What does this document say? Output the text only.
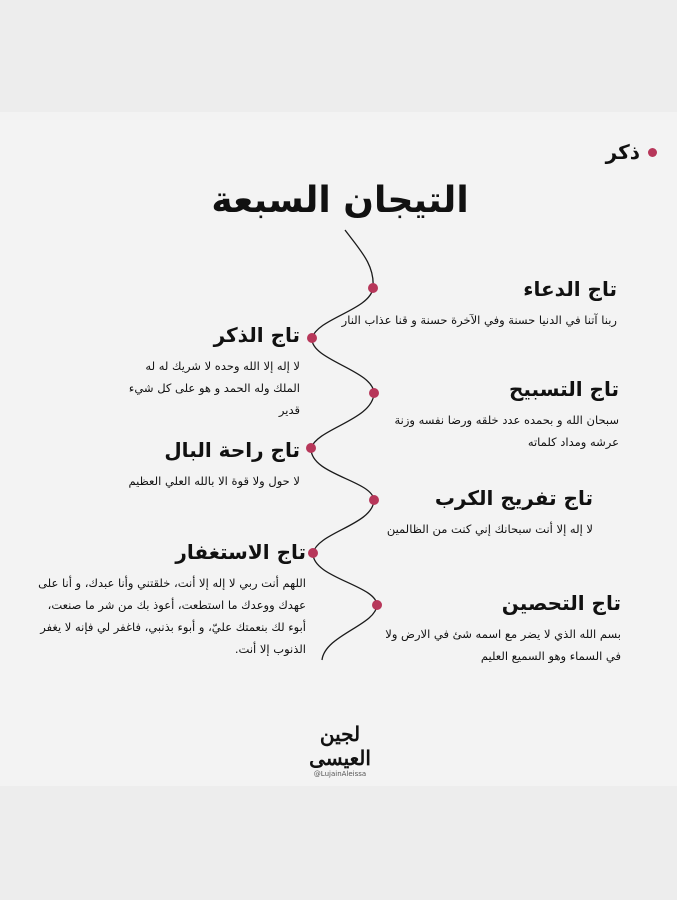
ذكر
التيجان السبعة
تاج الدعاء

ربنا آتنا في الدنيا حسنة وفي الآخرة حسنة و قنا عذاب النار

تاج التسبيح

سبحان الله و بحمده عدد خلقه ورضا نفسه وزنة عرشه ومداد كلماته

تاج تفريج الكرب

لا إله إلا أنت سبحانك إني كنت من الظالمين

تاج التحصين

بسم الله الذي لا يضر مع اسمه شئ في الارض ولا في السماء وهو السميع العليم

تاج الذكر

لا إله إلا الله وحده لا شريك له له الملك وله الحمد و هو على كل شيء قدير

تاج راحة البال

لا حول ولا قوة الا بالله العلي العظيم

تاج الاستغفار

اللهم أنت ربي لا إله إلا أنت، خلقتني وأنا عبدك، و أنا على عهدك ووعدك ما استطعت، أعوذ بك من شر ما صنعت، أبوء لك بنعمتك عليّ، و أبوء بذنبي، فاغفر لي فإنه لا يغفر الذنوب إلا أنت.

لجين العيسى
@LujainAleissa
